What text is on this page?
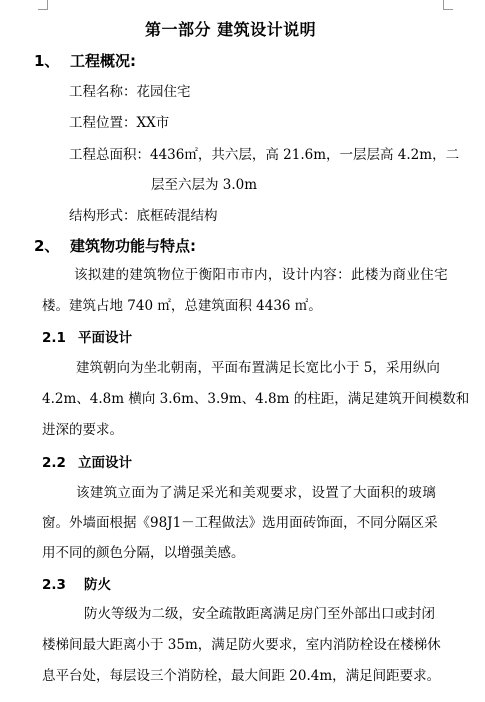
第一部分 建筑设计说明
1、 工程概况:
工程名称：花园住宅
工程位置：XX市
工程总面积：4436㎡，共六层，高 21.6m，一层层高 4.2m，二
层至六层为 3.0m
结构形式：底框砖混结构
2、 建筑物功能与特点:
该拟建的建筑物位于衡阳市市内，设计内容：此楼为商业住宅
楼。建筑占地 740 ㎡，总建筑面积 4436 ㎡。
2.1 平面设计
建筑朝向为坐北朝南，平面布置满足长宽比小于 5，采用纵向
4.2m、4.8m 横向 3.6m、3.9m、4.8m 的柱距，满足建筑开间模数和
进深的要求。
2.2 立面设计
该建筑立面为了满足采光和美观要求，设置了大面积的玻璃
窗。外墙面根据《98J1－工程做法》选用面砖饰面，不同分隔区采
用不同的颜色分隔，以增强美感。
2.3 防火
防火等级为二级，安全疏散距离满足房门至外部出口或封闭
楼梯间最大距离小于 35m，满足防火要求，室内消防栓设在楼梯休
息平台处，每层设三个消防栓，最大间距 20.4m，满足间距要求。
